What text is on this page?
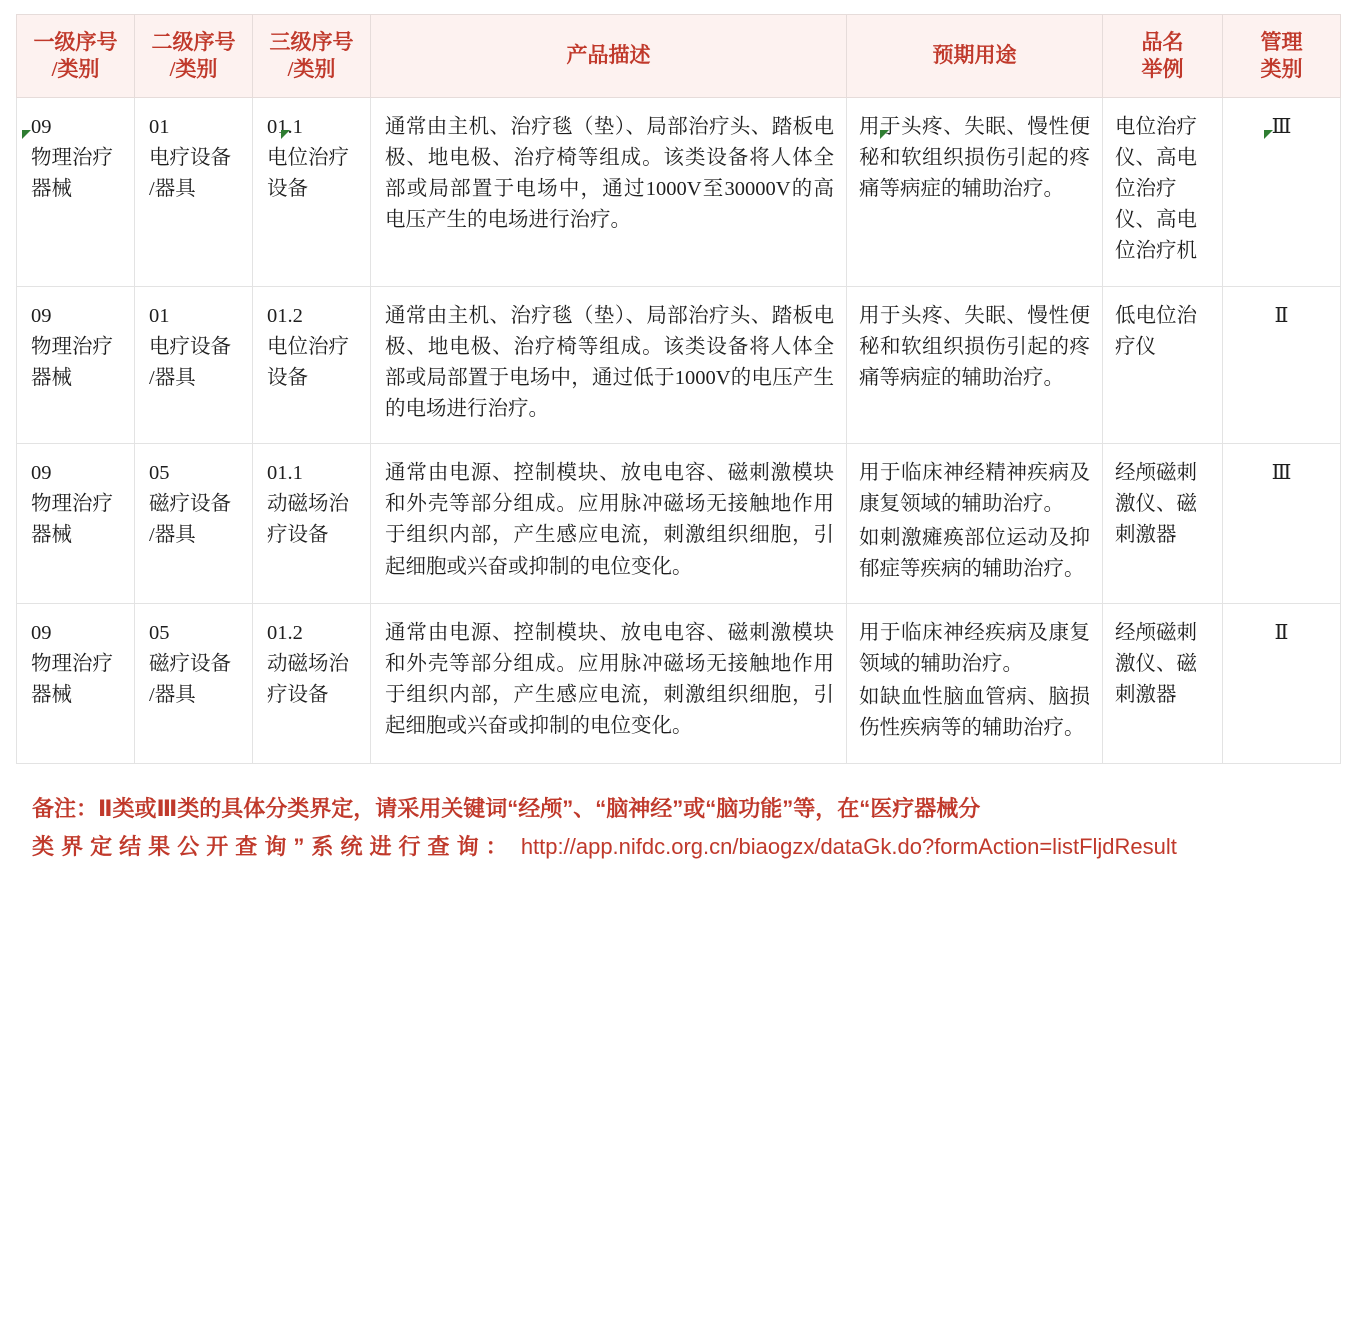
一级序号
/类别	二级序号
/类别	三级序号
/类别	产品描述	预期用途	品名
举例	管理
类别

09
物理治疗
器械	01
电疗设备
/器具	01.1
电位治疗
设备	通常由主机、治疗毯（垫）、局部治疗头、踏板电极、地电极、治疗椅等组成。该类设备将人体全部或局部置于电场中，通过1000V至30000V的高电压产生的电场进行治疗。	用于头疼、失眠、慢性便秘和软组织损伤引起的疼痛等病症的辅助治疗。	电位治疗仪、高电位治疗仪、高电位治疗机	Ⅲ

09
物理治疗
器械	01
电疗设备
/器具	01.2
电位治疗
设备	通常由主机、治疗毯（垫）、局部治疗头、踏板电极、地电极、治疗椅等组成。该类设备将人体全部或局部置于电场中，通过低于1000V的电压产生的电场进行治疗。	用于头疼、失眠、慢性便秘和软组织损伤引起的疼痛等病症的辅助治疗。	低电位治疗仪	Ⅱ

09
物理治疗
器械	05
磁疗设备
/器具	01.1
动磁场治
疗设备	通常由电源、控制模块、放电电容、磁刺激模块和外壳等部分组成。应用脉冲磁场无接触地作用于组织内部，产生感应电流，刺激组织细胞，引起细胞或兴奋或抑制的电位变化。	用于临床神经精神疾病及康复领域的辅助治疗。
如刺激瘫痪部位运动及抑郁症等疾病的辅助治疗。	经颅磁刺激仪、磁刺激器	Ⅲ

09
物理治疗
器械	05
磁疗设备
/器具	01.2
动磁场治
疗设备	通常由电源、控制模块、放电电容、磁刺激模块和外壳等部分组成。应用脉冲磁场无接触地作用于组织内部，产生感应电流，刺激组织细胞，引起细胞或兴奋或抑制的电位变化。	用于临床神经疾病及康复领域的辅助治疗。
如缺血性脑血管病、脑损伤性疾病等的辅助治疗。	经颅磁刺激仪、磁刺激器	Ⅱ
备注：Ⅱ类或Ⅲ类的具体分类界定，请采用关键词“经颅”、“脑神经”或“脑功能”等，在“医疗器械分
类界定结果公开查询”系统进行查询： http://app.nifdc.org.cn/biaogzx/dataGk.do?formAction=listFljdResult
